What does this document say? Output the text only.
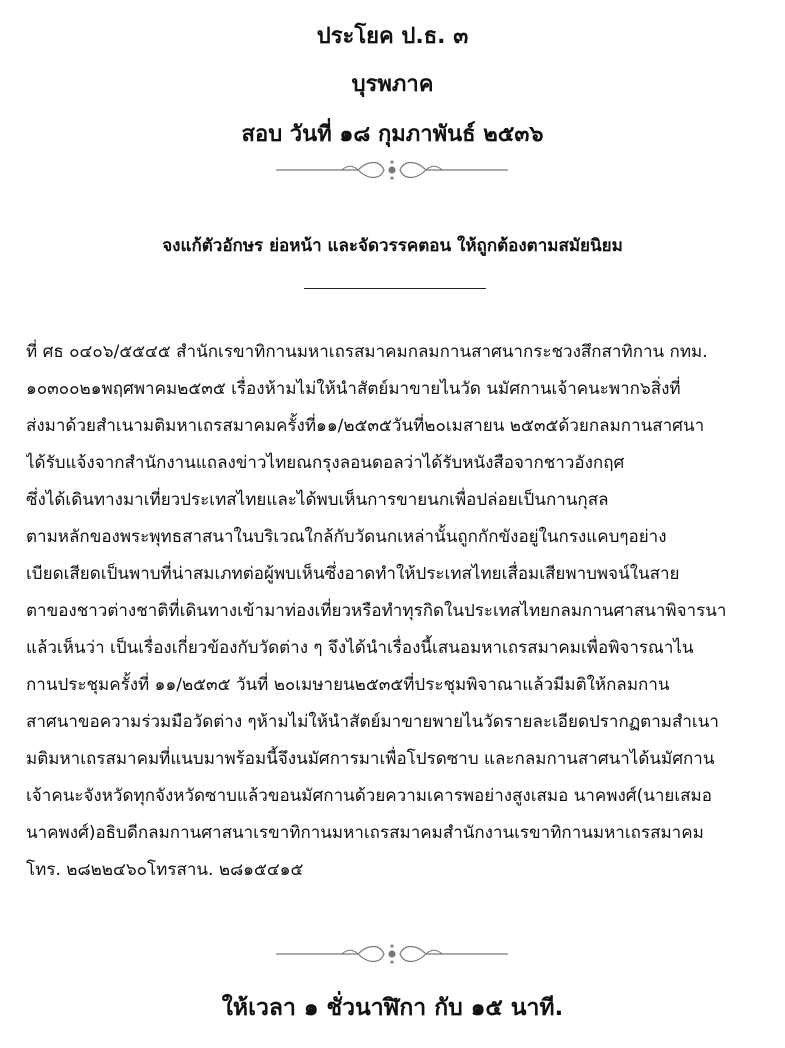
ประโยค ป.ธ. ๓
บุรพภาค
สอบ วันที่ ๑๘ กุมภาพันธ์ ๒๕๓๖
จงแก้ตัวอักษร ย่อหน้า และจัดวรรคตอน ให้ถูกต้องตามสมัยนิยม
ที่ ศธ ๐๔๐๖/๕๕๔๕ สำนักเรขาทิกานมหาเถรสมาคมกลมกานสาศนากระชวงสึกสาทิกาน กทม.
๑๐๓๐๐๒๑พฤศพาคม๒๕๓๕ เรื่องห้ามไม่ให้นำสัตย์มาขายไนวัด นมัศกานเจ้าคนะพาก๖สิ่งที่
ส่งมาด้วยสำเนามติมหาเถรสมาคมครั้งที่๑๑/๒๕๓๕วันที่๒๐เมสายน ๒๕๓๕ด้วยกลมกานสาศนา
ได้รับแจ้งจากสำนักงานแถลงข่าวไทยณกรุงลอนดอลว่าได้รับหนังสือจากชาวอังกฤศ
ซึ่งได้เดินทางมาเที่ยวประเทสไทยและได้พบเห็นการขายนกเพื่อปล่อยเป็นกานกุสล
ตามหลักของพระพุทธสาสนาในบริเวณใกล้กับวัดนกเหล่านั้นถูกกักขังอยู่ในกรงแคบๆอย่าง
เบียดเสียดเป็นพาบที่น่าสมเภทต่อผู้พบเห็นซึ่งอาดทำให้ประเทสไทยเสื่อมเสียพาบพจน์ในสาย
ตาของชาวต่างชาติที่เดินทางเข้ามาท่องเที่ยวหรือทำทุรกิดในประเทสไทยกลมกานศาสนาพิจารนา
แล้วเห็นว่า เป็นเรื่องเกี่ยวข้องกับวัดต่าง ๆ จึงได้นำเรื่องนี้เสนอมหาเถรสมาคมเพื่อพิจารณาไน
กานประชุมครั้งที่ ๑๑/๒๕๓๕ วันที่ ๒๐เมษายน๒๕๓๕ที่ประชุมพิจาณาแล้วมีมติให้กลมกาน
สาศนาขอความร่วมมือวัดต่าง ๆห้ามไม่ให้นำสัตย์มาขายพายไนวัดรายละเอียดปรากฏตามสำเนา
มติมหาเถรสมาคมที่แนบมาพร้อมนี้จึงนมัศการมาเพื่อโปรดซาบ และกลมกานสาศนาได้นมัศกาน
เจ้าคนะจังหวัดทุกจังหวัดซาบแล้วขอนมัศกานด้วยความเคารพอย่างสูงเสมอ นาคพงศ์(นายเสมอ
นาคพงศ์)อธิบดีกลมกานศาสนาเรขาทิกานมหาเถรสมาคมสำนักงานเรขาทิกานมหาเถรสมาคม
โทร. ๒๘๒๒๔๖๐โทรสาน. ๒๘๑๕๔๑๕
ให้เวลา ๑ ชั่วนาฬิกา กับ ๑๕ นาที.
